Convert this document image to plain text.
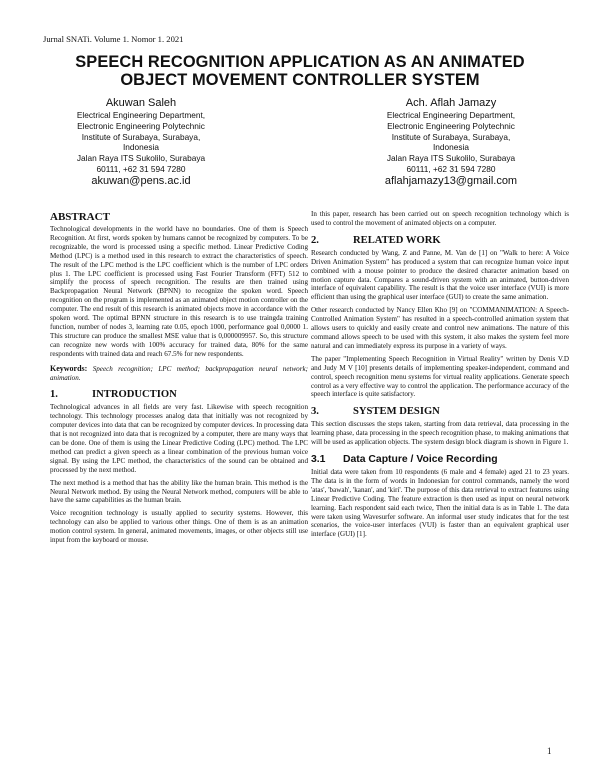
Jurnal SNATi. Volume 1. Nomor 1. 2021
SPEECH RECOGNITION APPLICATION AS AN ANIMATED
OBJECT MOVEMENT CONTROLLER SYSTEM
Akuwan Saleh
Electrical Engineering Department,
Electronic Engineering Polytechnic
Institute of Surabaya, Surabaya,
Indonesia
Jalan Raya ITS Sukolilo, Surabaya
60111, +62 31 594 7280
akuwan@pens.ac.id
Ach. Aflah Jamazy
Electrical Engineering Department,
Electronic Engineering Polytechnic
Institute of Surabaya, Surabaya,
Indonesia
Jalan Raya ITS Sukolilo, Surabaya
60111, +62 31 594 7280
aflahjamazy13@gmail.com
ABSTRACT

Technological developments in the world have no boundaries. One of them is Speech Recognition. At first, words spoken by humans cannot be recognized by computers. To be recognizable, the word is processed using a specific method. Linear Predictive Coding Method (LPC) is a method used in this research to extract the characteristics of speech. The result of the LPC method is the LPC coefficient which is the number of LPC orders plus 1. The LPC coefficient is processed using Fast Fourier Transform (FFT) 512 to simplify the process of speech recognition. The results are then trained using Backpropagation Neural Network (BPNN) to recognize the spoken word. Speech recognition on the program is implemented as an animated object motion controller on the computer. The end result of this research is animated objects move in accordance with the spoken word. The optimal BPNN structure in this research is to use traingda training function, number of nodes 3, learning rate 0.05, epoch 1000, performance goal 0,0000 1. This structure can produce the smallest MSE value that is 0,000009957. So, this structure can recognize new words with 100% accuracy for trained data, 80% for the same respondents with trained data and reach 67.5% for new respondents.

Keywords: Speech recognition; LPC method; backpropagation neural network; animation.

1.	INTRODUCTION

Technological advances in all fields are very fast. Likewise with speech recognition technology. This technology processes analog data that initially was not recognized by computer devices into data that can be recognized by computer devices. In processing data that is not recognized into data that is recognized by a computer, there are many ways that can be done. One of them is using the Linear Predictive Coding (LPC) method. The LPC method can predict a given speech as a linear combination of the previous human voice signal. By using the LPC method, the characteristics of the sound can be obtained and processed by the next method.

The next method is a method that has the ability like the human brain. This method is the Neural Network method. By using the Neural Network method, computers will be able to have the same capabilities as the human brain.

Voice recognition technology is usually applied to security systems. However, this technology can also be applied to various other things. One of them is as an animation motion control system. In general, animated movements, images, or other objects still use input from the keyboard or mouse.

In this paper, research has been carried out on speech recognition technology which is used to control the movement of animated objects on a computer.

2.	RELATED WORK

Research conducted by Wang, Z and Panne, M. Van de [1] on "Walk to here: A Voice Driven Animation System" has produced a system that can recognize human voice input combined with a mouse pointer to produce the desired character animation based on motion capture data. Compares a sound-driven system with an animated, button-driven interface of equivalent capability. The result is that the voice user interface (VUI) is more efficient than using the graphical user interface (GUI) to create the same animation.

Other research conducted by Nancy Ellen Kho [9] on "COMMANIMATION: A Speech-Controlled Animation System" has resulted in a speech-controlled animation system that allows users to quickly and easily create and control new animations. The nature of this command allows speech to be used with this system, it also makes the system feel more natural and can immediately express its purpose in a variety of ways.

The paper "Implementing Speech Recognition in Virtual Reality" written by Denis V.D and Judy M V [10] presents details of implementing speaker-independent, command and control, speech recognition menu systems for virtual reality applications. Generate speech control as a very effective way to control the application. The performance accuracy of the speech interface is quite satisfactory.

3.	SYSTEM DESIGN

This section discusses the steps taken, starting from data retrieval, data processing in the learning phase, data processing in the speech recognition phase, to making animations that will be used as application objects. The system design block diagram is shown in Figure 1.

3.1	Data Capture / Voice Recording

Initial data were taken from 10 respondents (6 male and 4 female) aged 21 to 23 years. The data is in the form of words in Indonesian for control commands, namely the word 'atas', 'bawah', 'kanan', and 'kiri'. The purpose of this data retrieval to extract features using Linear Predictive Coding. The feature extraction is then used as input on neural network learning. Each respondent said each twice, Then the initial data is as in Table 1. The data were taken using Wavesurfer software. An informal user study indicates that for the test scenarios, the voice-user interfaces (VUI) is faster than an equivalent graphical user interface (GUI) [1].

1
